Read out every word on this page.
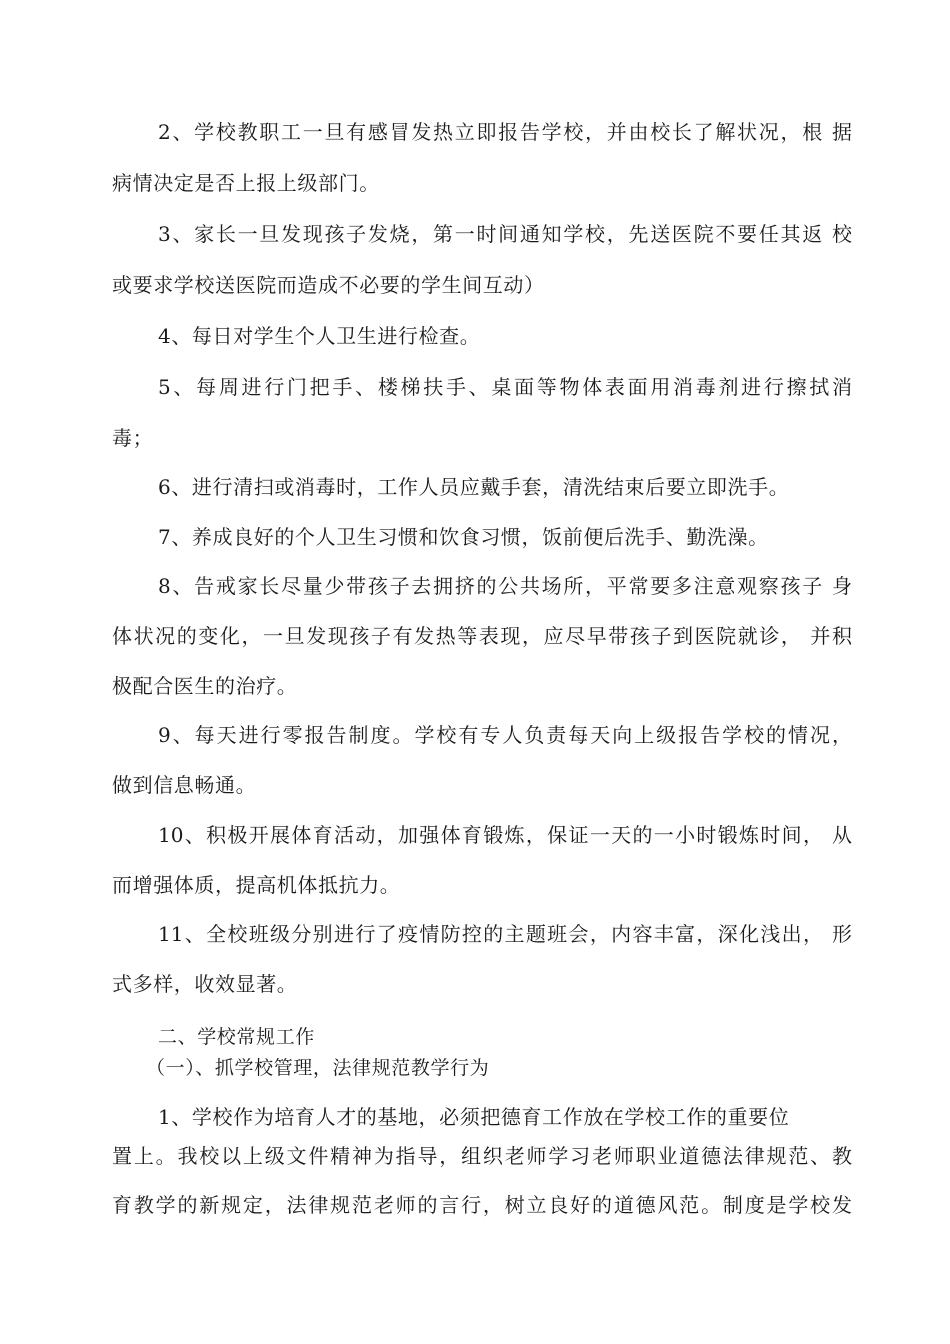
2、学校教职工一旦有感冒发热立即报告学校，并由校长了解状况，根 据
病情决定是否上报上级部门。
3、家长一旦发现孩子发烧，第一时间通知学校，先送医院不要任其返 校
或要求学校送医院而造成不必要的学生间互动）
4、每日对学生个人卫生进行检查。
5、每周进行门把手、楼梯扶手、桌面等物体表面用消毒剂进行擦拭消
毒；
6、进行清扫或消毒时，工作人员应戴手套，清洗结束后要立即洗手。
7、养成良好的个人卫生习惯和饮食习惯，饭前便后洗手、勤洗澡。
8、告戒家长尽量少带孩子去拥挤的公共场所，平常要多注意观察孩子 身
体状况的变化，一旦发现孩子有发热等表现，应尽早带孩子到医院就诊， 并积
极配合医生的治疗。
9、每天进行零报告制度。学校有专人负责每天向上级报告学校的情况，
做到信息畅通。
10、积极开展体育活动，加强体育锻炼，保证一天的一小时锻炼时间， 从
而增强体质，提高机体抵抗力。
11、全校班级分别进行了疫情防控的主题班会，内容丰富，深化浅出， 形
式多样，收效显著。
二、学校常规工作
（一）、抓学校管理，法律规范教学行为
1、学校作为培育人才的基地，必须把德育工作放在学校工作的重要位
置上。我校以上级文件精神为指导，组织老师学习老师职业道德法律规范、教
育教学的新规定，法律规范老师的言行，树立良好的道德风范。制度是学校发
